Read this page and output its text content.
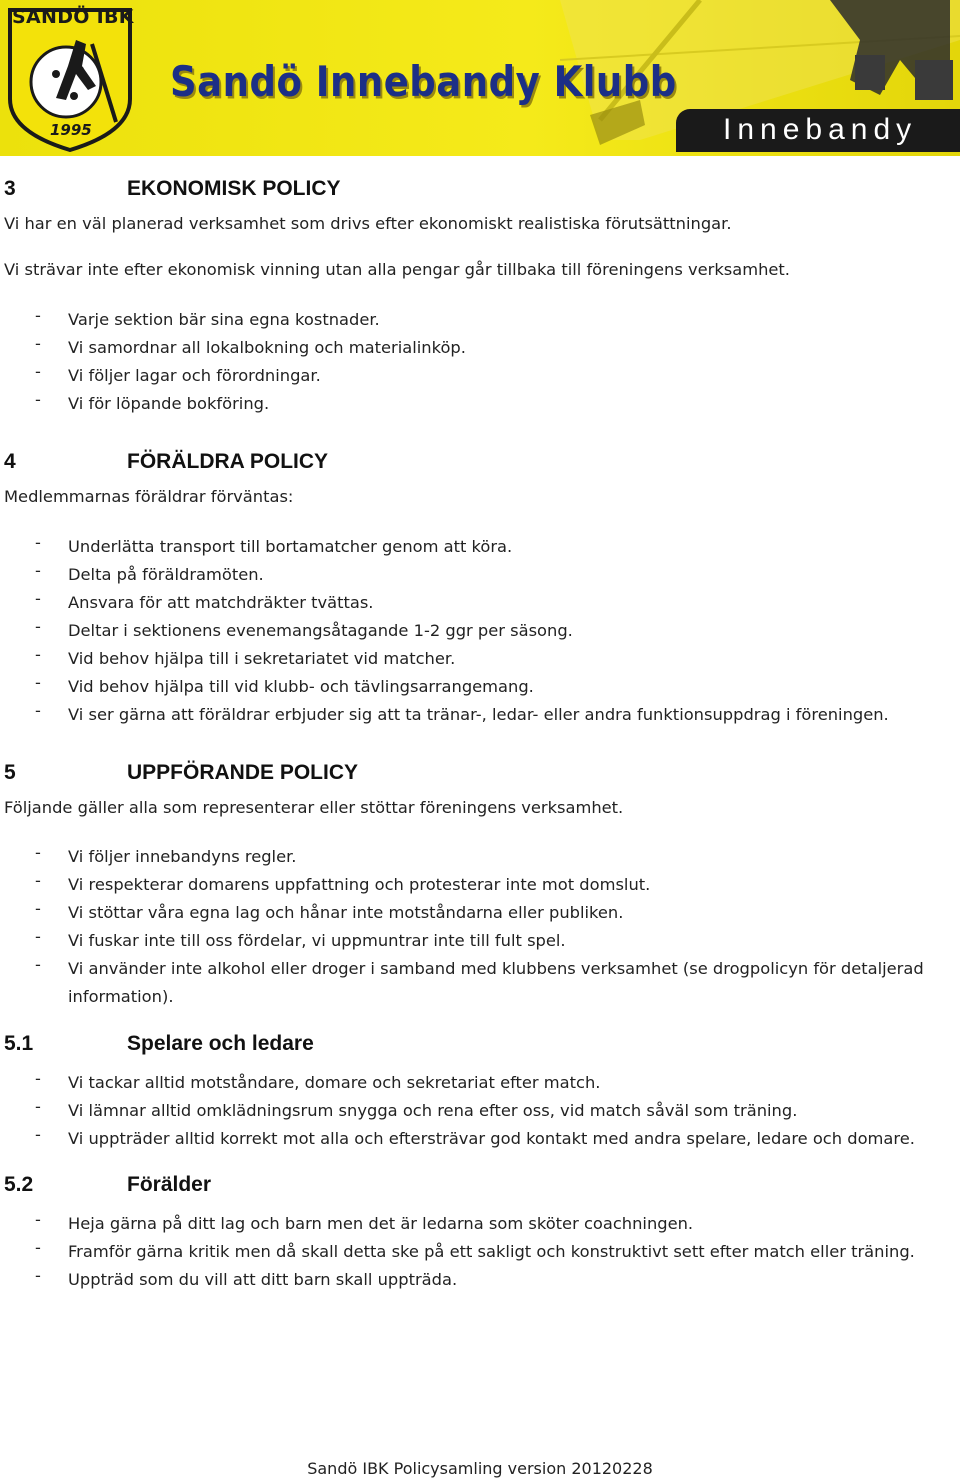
SANDÖ IBK
1995
Sandö Innebandy Klubb
Innebandy
3	EKONOMISK POLICY
Vi har en väl planerad verksamhet som drivs efter ekonomiskt realistiska förutsättningar.
Vi strävar inte efter ekonomisk vinning utan alla pengar går tillbaka till föreningens verksamhet.
- Varje sektion bär sina egna kostnader.
- Vi samordnar all lokalbokning och materialinköp.
- Vi följer lagar och förordningar.
- Vi för löpande bokföring.
4	FÖRÄLDRA POLICY
Medlemmarnas föräldrar förväntas:
- Underlätta transport till bortamatcher genom att köra.
- Delta på föräldramöten.
- Ansvara för att matchdräkter tvättas.
- Deltar i sektionens evenemangsåtagande 1-2 ggr per säsong.
- Vid behov hjälpa till i sekretariatet vid matcher.
- Vid behov hjälpa till vid klubb- och tävlingsarrangemang.
- Vi ser gärna att föräldrar erbjuder sig att ta tränar-, ledar- eller andra funktionsuppdrag i föreningen.
5	UPPFÖRANDE POLICY
Följande gäller alla som representerar eller stöttar föreningens verksamhet.
- Vi följer innebandyns regler.
- Vi respekterar domarens uppfattning och protesterar inte mot domslut.
- Vi stöttar våra egna lag och hånar inte motståndarna eller publiken.
- Vi fuskar inte till oss fördelar, vi uppmuntrar inte till fult spel.
- Vi använder inte alkohol eller droger i samband med klubbens verksamhet (se drogpolicyn för detaljerad information).
5.1	Spelare och ledare
- Vi tackar alltid motståndare, domare och sekretariat efter match.
- Vi lämnar alltid omklädningsrum snygga och rena efter oss, vid match såväl som träning.
- Vi uppträder alltid korrekt mot alla och eftersträvar god kontakt med andra spelare, ledare och domare.
5.2	Förälder
- Heja gärna på ditt lag och barn men det är ledarna som sköter coachningen.
- Framför gärna kritik men då skall detta ske på ett sakligt och konstruktivt sett efter match eller träning.
- Uppträd som du vill att ditt barn skall uppträda.
Sandö IBK Policysamling version 20120228
